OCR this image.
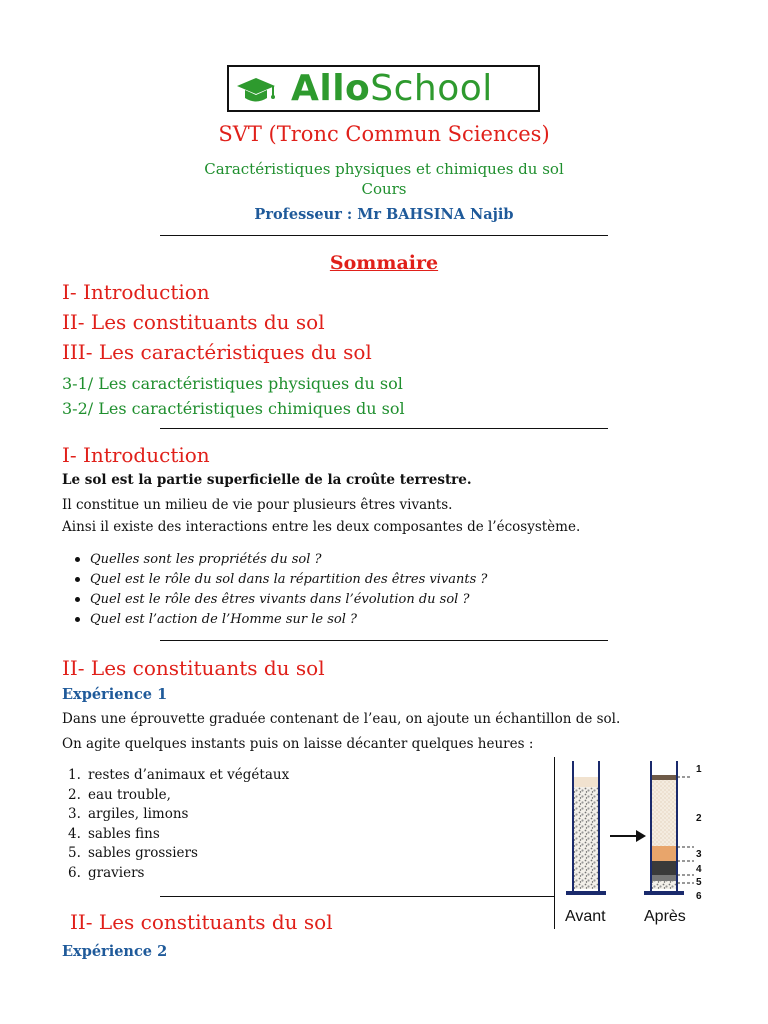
AlloSchool
SVT (Tronc Commun Sciences)
Caractéristiques physiques et chimiques du sol
Cours
Professeur : Mr BAHSINA Najib
Sommaire
I- Introduction
II- Les constituants du sol
III- Les caractéristiques du sol
3-1/ Les caractéristiques physiques du sol
3-2/ Les caractéristiques chimiques du sol
I- Introduction
Le sol est la partie superficielle de la croûte terrestre.
Il constitue un milieu de vie pour plusieurs êtres vivants.
Ainsi il existe des interactions entre les deux composantes de l’écosystème.
Quelles sont les propriétés du sol ?
Quel est le rôle du sol dans la répartition des êtres vivants ?
Quel est le rôle des êtres vivants dans l’évolution du sol ?
Quel est l’action de l’Homme sur le sol ?
II- Les constituants du sol
Expérience 1
Dans une éprouvette graduée contenant de l’eau, on ajoute un échantillon de sol.
On agite quelques instants puis on laisse décanter quelques heures :
1. restes d’animaux et végétaux
2. eau trouble,
3. argiles, limons
4. sables fins
5. sables grossiers
6. graviers
1
2
3
4
5
6
Avant Après
II- Les constituants du sol
Expérience 2
